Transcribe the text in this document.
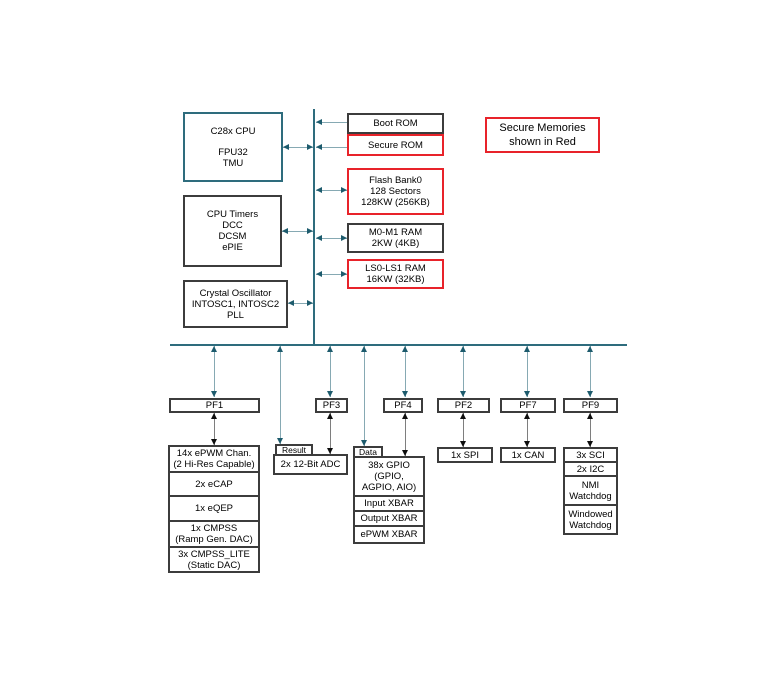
C28x CPU
FPU32
TMU
CPU Timers
DCC
DCSM
ePIE
Crystal Oscillator
INTOSC1, INTOSC2
PLL
Boot ROM
Secure ROM
Flash Bank0
128 Sectors
128KW (256KB)
M0-M1 RAM
2KW (4KB)
LS0-LS1 RAM
16KW (32KB)
Secure Memories
shown in Red
PF1	PF3	PF4	PF2	PF7	PF9
14x ePWM Chan.
(2 Hi-Res Capable)
2x eCAP
1x eQEP
1x CMPSS
(Ramp Gen. DAC)
3x CMPSS_LITE
(Static DAC)
Result
2x 12-Bit ADC
Data
38x GPIO
(GPIO,
AGPIO, AIO)
Input XBAR
Output XBAR
ePWM XBAR
1x SPI	1x CAN	3x SCI
2x I2C
NMI
Watchdog
Windowed
Watchdog
